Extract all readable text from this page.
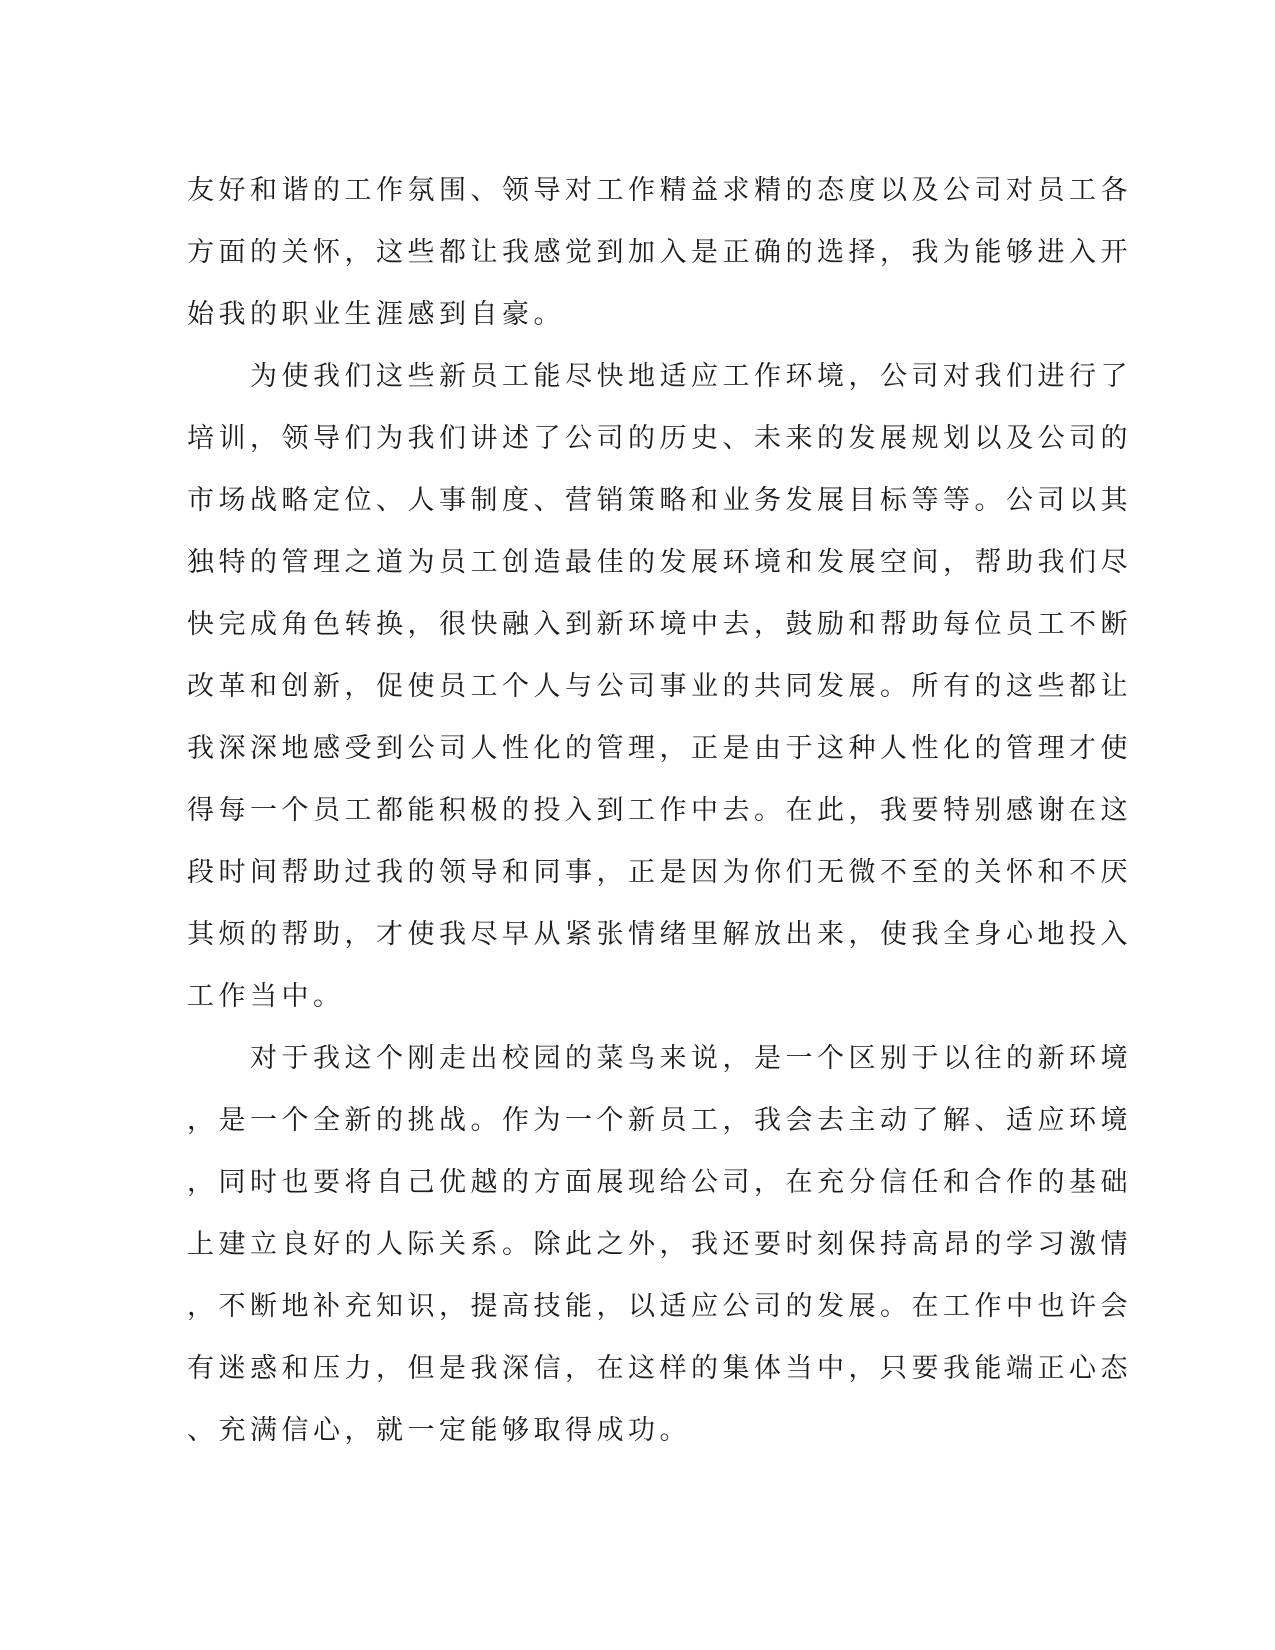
友好和谐的工作氛围、领导对工作精益求精的态度以及公司对员工各
方面的关怀，这些都让我感觉到加入是正确的选择，我为能够进入开
始我的职业生涯感到自豪。
　　为使我们这些新员工能尽快地适应工作环境，公司对我们进行了
培训，领导们为我们讲述了公司的历史、未来的发展规划以及公司的
市场战略定位、人事制度、营销策略和业务发展目标等等。公司以其
独特的管理之道为员工创造最佳的发展环境和发展空间，帮助我们尽
快完成角色转换，很快融入到新环境中去，鼓励和帮助每位员工不断
改革和创新，促使员工个人与公司事业的共同发展。所有的这些都让
我深深地感受到公司人性化的管理，正是由于这种人性化的管理才使
得每一个员工都能积极的投入到工作中去。在此，我要特别感谢在这
段时间帮助过我的领导和同事，正是因为你们无微不至的关怀和不厌
其烦的帮助，才使我尽早从紧张情绪里解放出来，使我全身心地投入
工作当中。
　　对于我这个刚走出校园的菜鸟来说，是一个区别于以往的新环境
，是一个全新的挑战。作为一个新员工，我会去主动了解、适应环境
，同时也要将自己优越的方面展现给公司，在充分信任和合作的基础
上建立良好的人际关系。除此之外，我还要时刻保持高昂的学习激情
，不断地补充知识，提高技能，以适应公司的发展。在工作中也许会
有迷惑和压力，但是我深信，在这样的集体当中，只要我能端正心态
、充满信心，就一定能够取得成功。
